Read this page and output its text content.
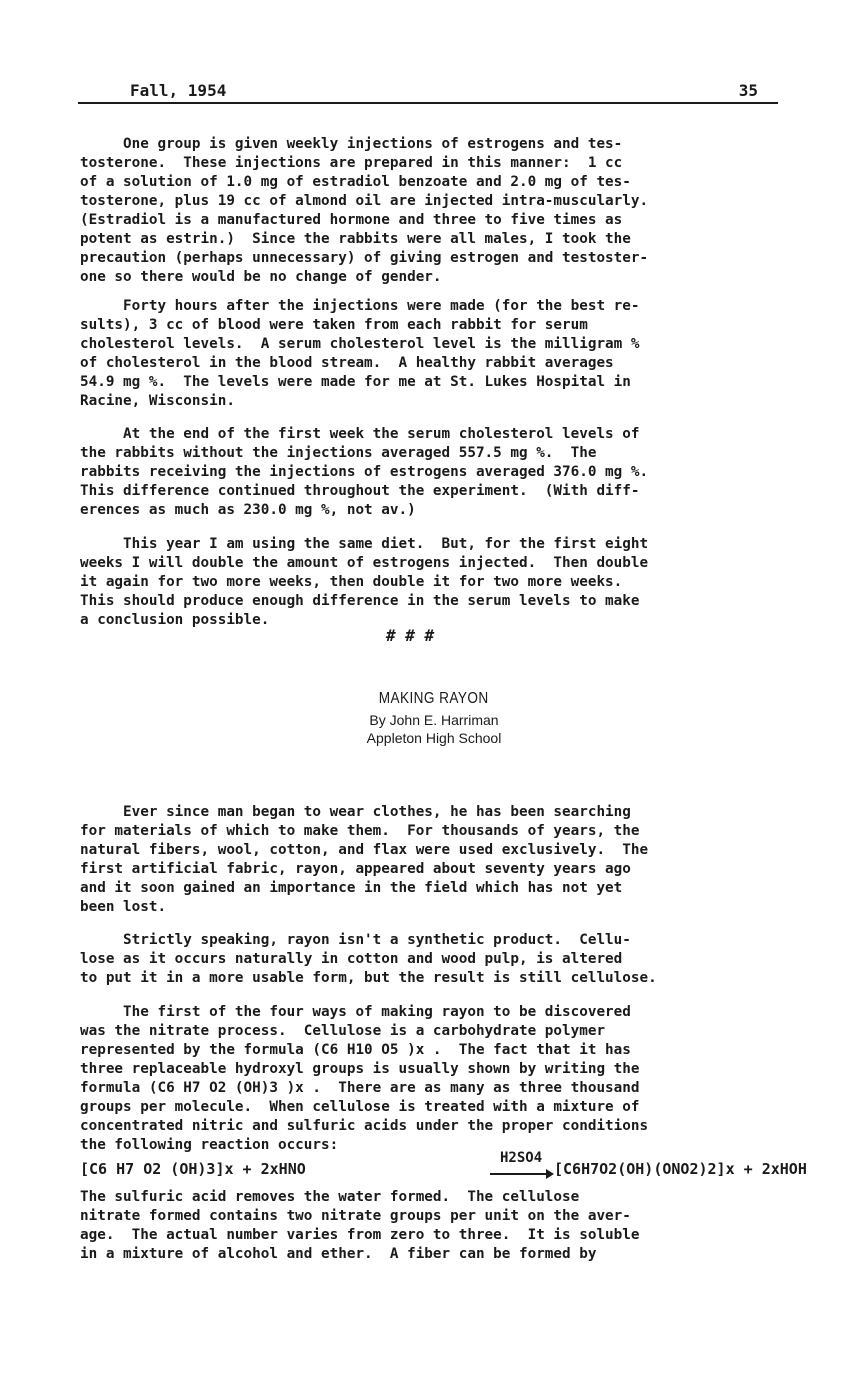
Fall, 1954	35
One group is given weekly injections of estrogens and tes-
tosterone.  These injections are prepared in this manner:  1 cc
of a solution of 1.0 mg of estradiol benzoate and 2.0 mg of tes-
tosterone, plus 19 cc of almond oil are injected intra-muscularly.
(Estradiol is a manufactured hormone and three to five times as
potent as estrin.)  Since the rabbits were all males, I took the
precaution (perhaps unnecessary) of giving estrogen and testoster-
one so there would be no change of gender.
Forty hours after the injections were made (for the best re-
sults), 3 cc of blood were taken from each rabbit for serum
cholesterol levels.  A serum cholesterol level is the milligram %
of cholesterol in the blood stream.  A healthy rabbit averages
54.9 mg %.  The levels were made for me at St. Lukes Hospital in
Racine, Wisconsin.
At the end of the first week the serum cholesterol levels of
the rabbits without the injections averaged 557.5 mg %.  The
rabbits receiving the injections of estrogens averaged 376.0 mg %.
This difference continued throughout the experiment.  (With diff-
erences as much as 230.0 mg %, not av.)
This year I am using the same diet.  But, for the first eight
weeks I will double the amount of estrogens injected.  Then double
it again for two more weeks, then double it for two more weeks.
This should produce enough difference in the serum levels to make
a conclusion possible.
# # #
MAKING RAYON
By John E. Harriman
Appleton High School
Ever since man began to wear clothes, he has been searching
for materials of which to make them.  For thousands of years, the
natural fibers, wool, cotton, and flax were used exclusively.  The
first artificial fabric, rayon, appeared about seventy years ago
and it soon gained an importance in the field which has not yet
been lost.
Strictly speaking, rayon isn't a synthetic product.  Cellu-
lose as it occurs naturally in cotton and wood pulp, is altered
to put it in a more usable form, but the result is still cellulose.
The first of the four ways of making rayon to be discovered
was the nitrate process.  Cellulose is a carbohydrate polymer
represented by the formula (C6 H10 O5 )x .  The fact that it has
three replaceable hydroxyl groups is usually shown by writing the
formula (C6 H7 O2 (OH)3 )x .  There are as many as three thousand
groups per molecule.  When cellulose is treated with a mixture of
concentrated nitric and sulfuric acids under the proper conditions
the following reaction occurs:

[C6 H7 O2 (OH)3]x + 2xHNO

H2SO4

[C6H7O2(OH)(ONO2)2]x + 2xHOH

The sulfuric acid removes the water formed.  The cellulose
nitrate formed contains two nitrate groups per unit on the aver-
age.  The actual number varies from zero to three.  It is soluble
in a mixture of alcohol and ether.  A fiber can be formed by
